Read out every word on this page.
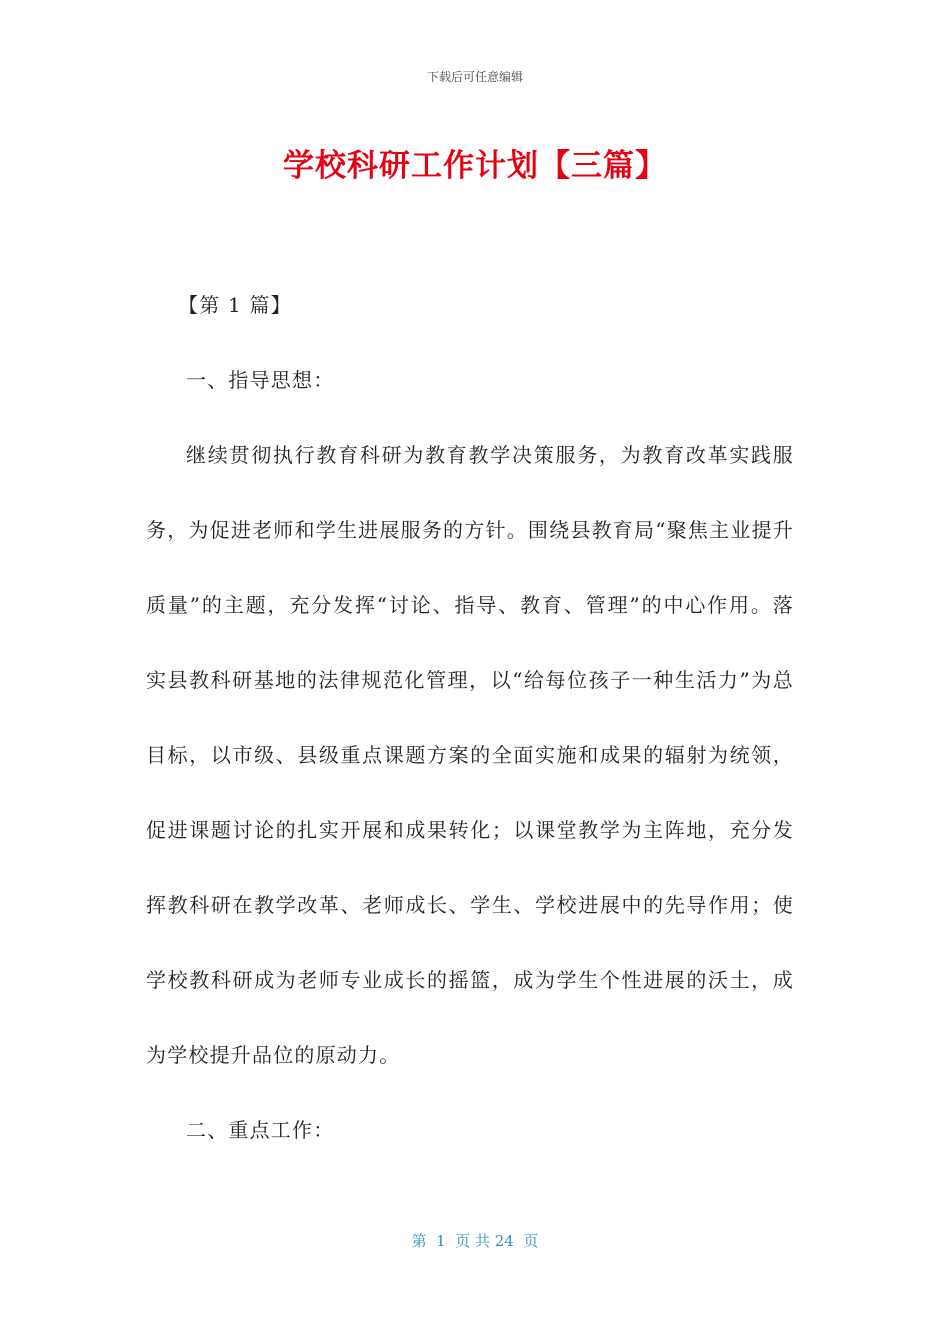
下载后可任意编辑
学校科研工作计划【三篇】

【第 1 篇】

一、指导思想：

继续贯彻执行教育科研为教育教学决策服务，为教育改革实践服务，为促进老师和学生进展服务的方针。围绕县教育局“聚焦主业提升质量”的主题，充分发挥“讨论、指导、教育、管理”的中心作用。落实县教科研基地的法律规范化管理，以“给每位孩子一种生活力”为总目标，以市级、县级重点课题方案的全面实施和成果的辐射为统领，促进课题讨论的扎实开展和成果转化；以课堂教学为主阵地，充分发挥教科研在教学改革、老师成长、学生、学校进展中的先导作用；使学校教科研成为老师专业成长的摇篮，成为学生个性进展的沃土，成为学校提升品位的原动力。

二、重点工作：

第  1  页 共 24  页
